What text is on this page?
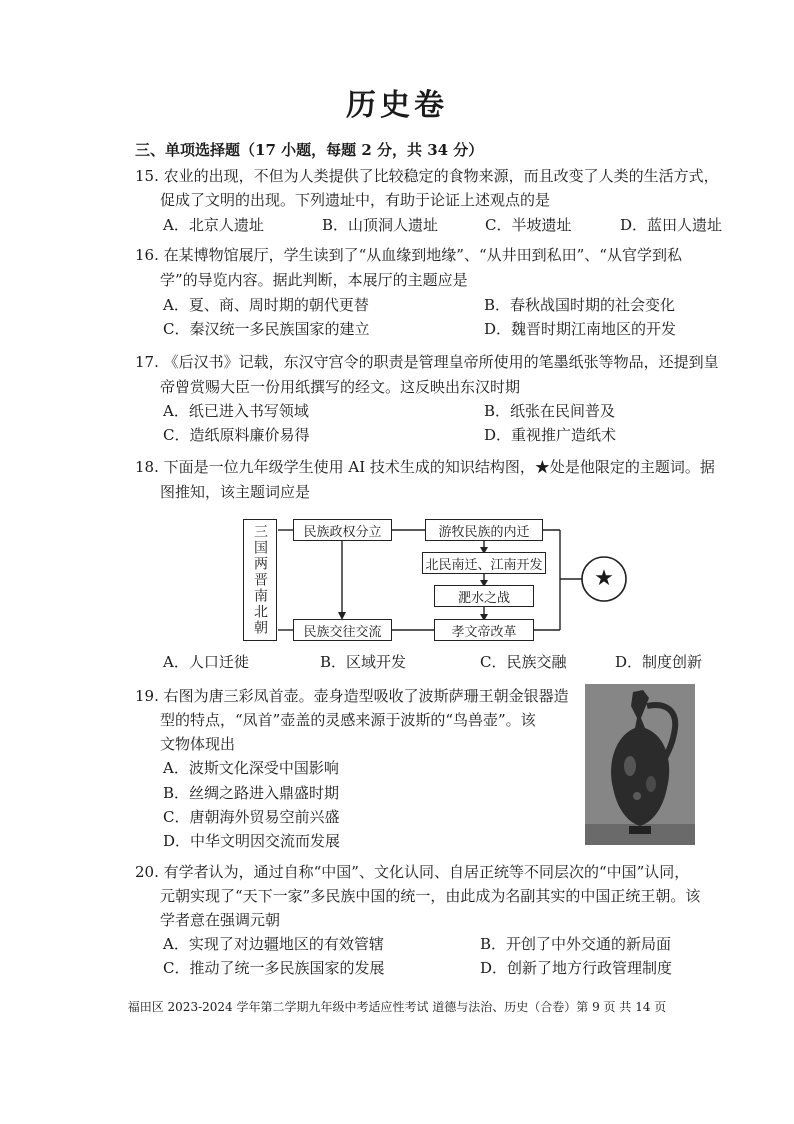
历史卷
三、单项选择题（17 小题，每题 2 分，共 34 分）
15. 农业的出现，不但为人类提供了比较稳定的食物来源，而且改变了人类的生活方式，
促成了文明的出现。下列遗址中，有助于论证上述观点的是
A．北京人遗址	B．山顶洞人遗址	C．半坡遗址	D．蓝田人遗址
16. 在某博物馆展厅，学生读到了“从血缘到地缘”、“从井田到私田”、“从官学到私
学”的导览内容。据此判断，本展厅的主题应是
A．夏、商、周时期的朝代更替	B．春秋战国时期的社会变化
C．秦汉统一多民族国家的建立	D．魏晋时期江南地区的开发
17. 《后汉书》记载，东汉守宫令的职责是管理皇帝所使用的笔墨纸张等物品，还提到皇
帝曾赏赐大臣一份用纸撰写的经文。这反映出东汉时期
A．纸已进入书写领域	B．纸张在民间普及
C．造纸原料廉价易得	D．重视推广造纸术
18. 下面是一位九年级学生使用 AI 技术生成的知识结构图，★处是他限定的主题词。据
图推知，该主题词应是
三国两晋南北朝	民族政权分立	游牧民族的内迁
北民南迁、江南开发
淝水之战
民族交往交流	孝文帝改革
★
A．人口迁徙	B．区域开发	C．民族交融	D．制度创新
19. 右图为唐三彩凤首壶。壶身造型吸收了波斯萨珊王朝金银器造
型的特点，“凤首”壶盖的灵感来源于波斯的“鸟兽壶”。该
文物体现出
A．波斯文化深受中国影响
B．丝绸之路进入鼎盛时期
C．唐朝海外贸易空前兴盛
D．中华文明因交流而发展
20. 有学者认为，通过自称“中国”、文化认同、自居正统等不同层次的“中国”认同，
元朝实现了“天下一家”多民族中国的统一，由此成为名副其实的中国正统王朝。该
学者意在强调元朝
A．实现了对边疆地区的有效管辖	B．开创了中外交通的新局面
C．推动了统一多民族国家的发展	D．创新了地方行政管理制度
福田区 2023-2024 学年第二学期九年级中考适应性考试 道德与法治、历史（合卷）第 9 页 共 14 页
